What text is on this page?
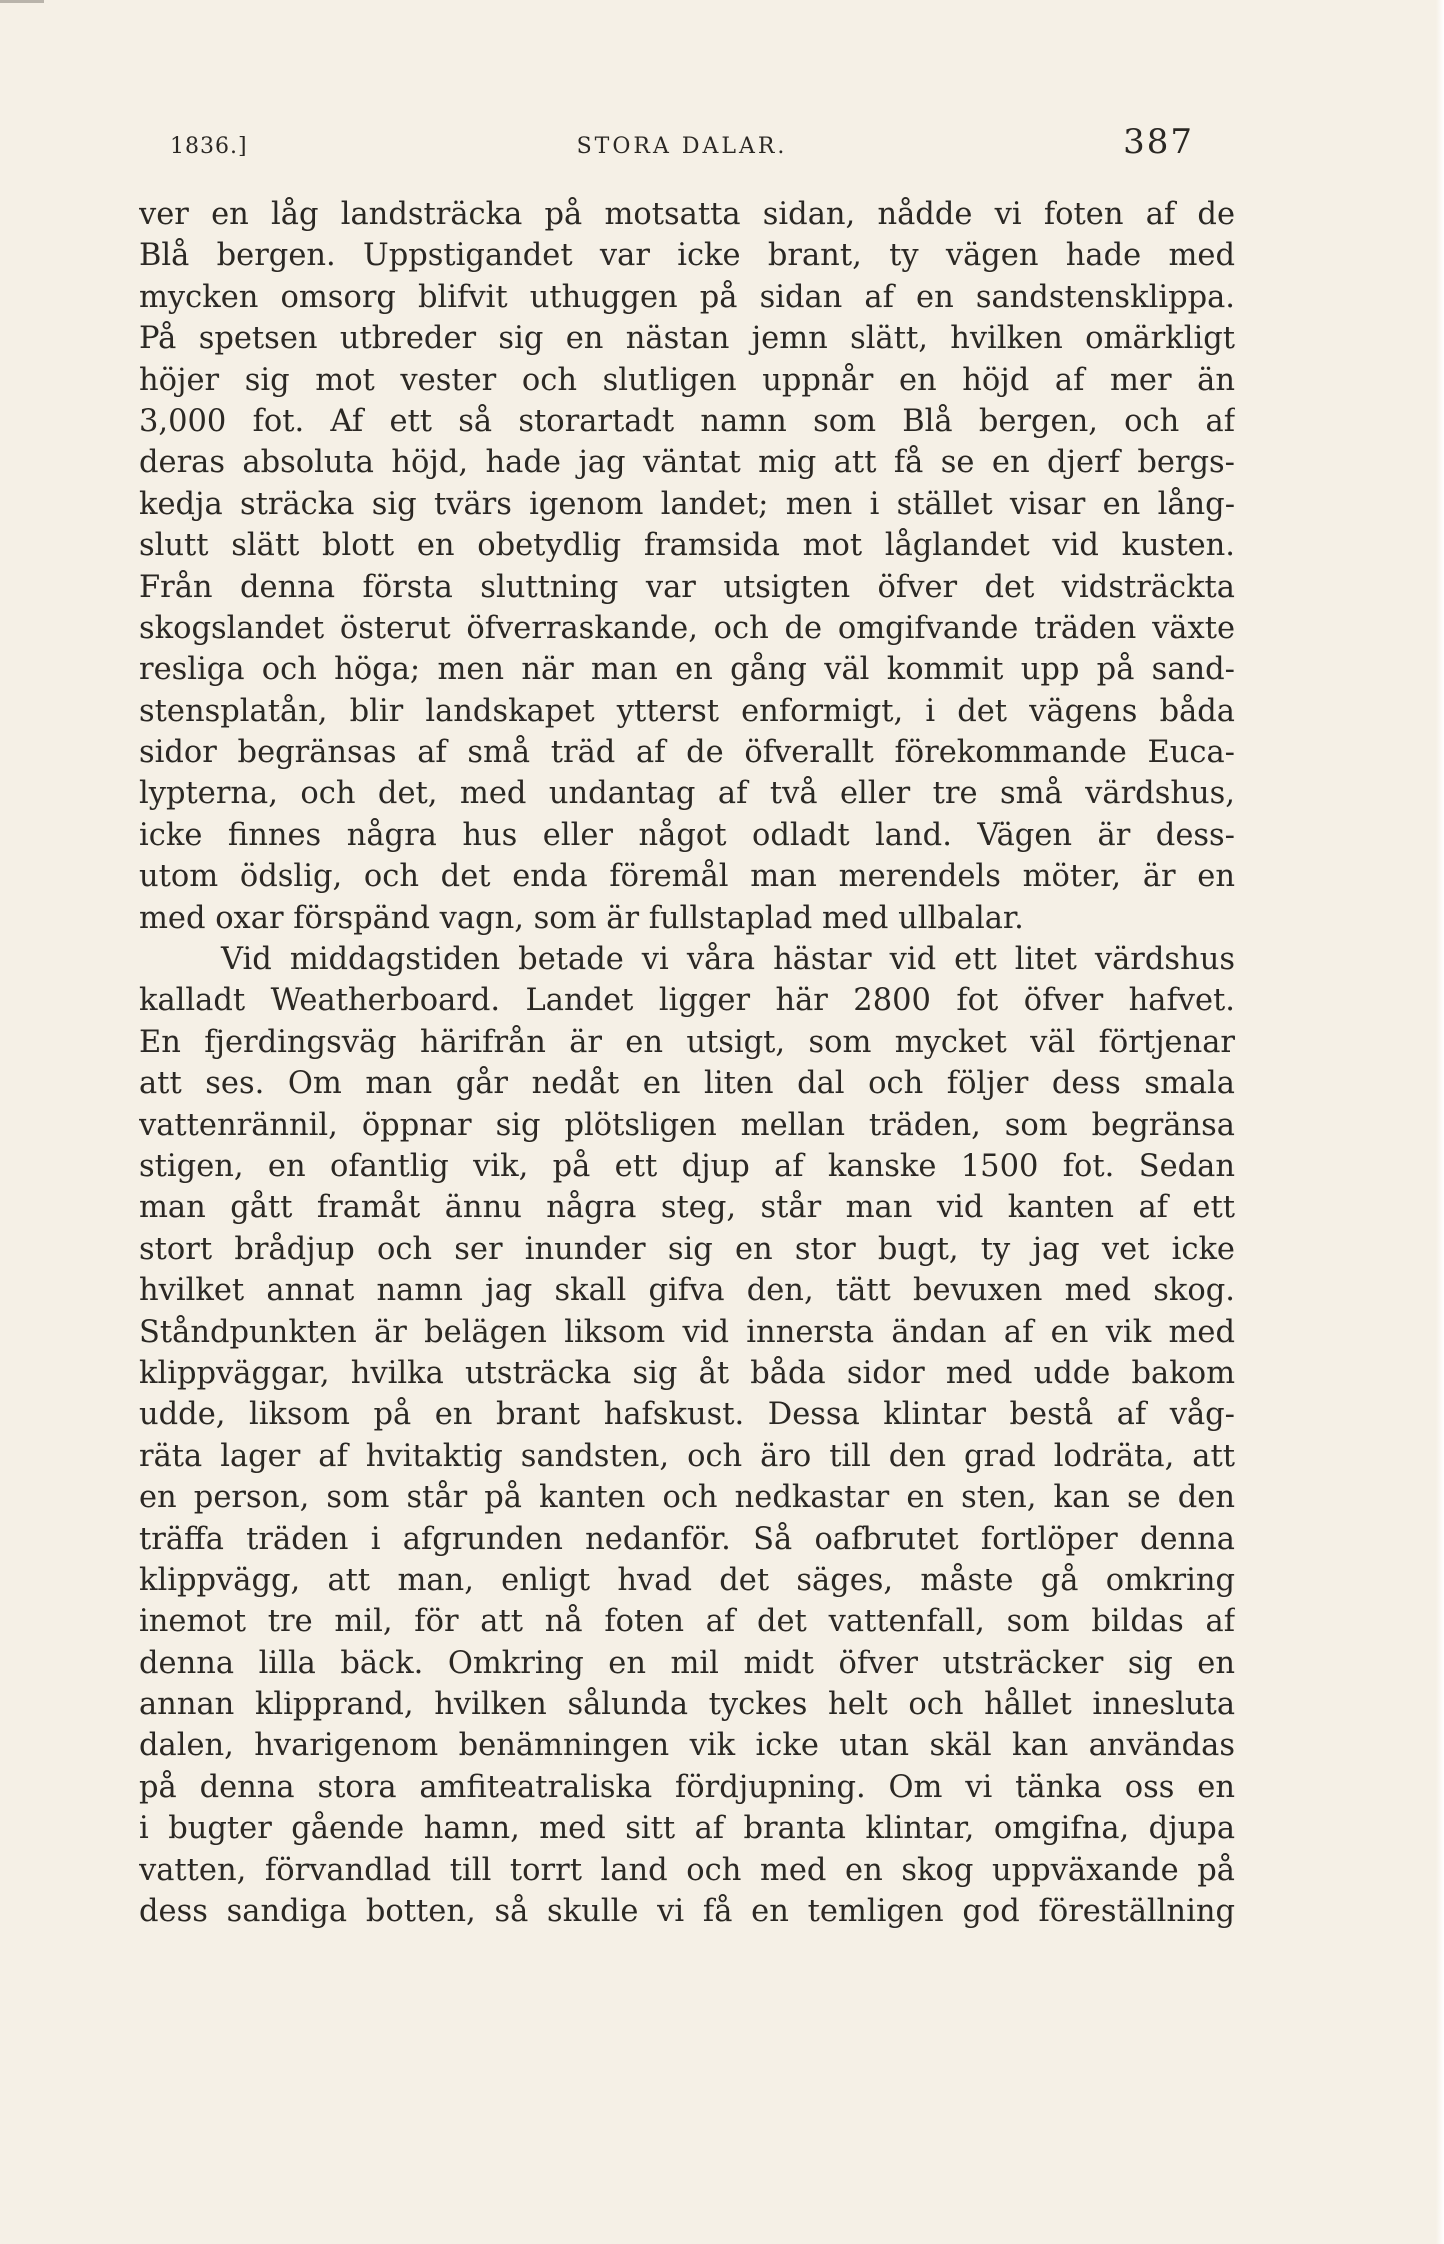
1836.]	STORA DALAR.	387
ver en låg landsträcka på motsatta sidan, nådde vi foten af de
Blå bergen. Uppstigandet var icke brant, ty vägen hade med
mycken omsorg blifvit uthuggen på sidan af en sandstensklippa.
På spetsen utbreder sig en nästan jemn slätt, hvilken omärkligt
höjer sig mot vester och slutligen uppnår en höjd af mer än
3,000 fot. Af ett så storartadt namn som Blå bergen, och af
deras absoluta höjd, hade jag väntat mig att få se en djerf bergs-
kedja sträcka sig tvärs igenom landet; men i stället visar en lång-
slutt slätt blott en obetydlig framsida mot låglandet vid kusten.
Från denna första sluttning var utsigten öfver det vidsträckta
skogslandet österut öfverraskande, och de omgifvande träden växte
resliga och höga; men när man en gång väl kommit upp på sand-
stensplatån, blir landskapet ytterst enformigt, i det vägens båda
sidor begränsas af små träd af de öfverallt förekommande Euca-
lypterna, och det, med undantag af två eller tre små värdshus,
icke finnes några hus eller något odladt land. Vägen är dess-
utom ödslig, och det enda föremål man merendels möter, är en
med oxar förspänd vagn, som är fullstaplad med ullbalar.
Vid middagstiden betade vi våra hästar vid ett litet värdshus
kalladt Weatherboard. Landet ligger här 2800 fot öfver hafvet.
En fjerdingsväg härifrån är en utsigt, som mycket väl förtjenar
att ses. Om man går nedåt en liten dal och följer dess smala
vattenrännil, öppnar sig plötsligen mellan träden, som begränsa
stigen, en ofantlig vik, på ett djup af kanske 1500 fot. Sedan
man gått framåt ännu några steg, står man vid kanten af ett
stort brådjup och ser inunder sig en stor bugt, ty jag vet icke
hvilket annat namn jag skall gifva den, tätt bevuxen med skog.
Ståndpunkten är belägen liksom vid innersta ändan af en vik med
klippväggar, hvilka utsträcka sig åt båda sidor med udde bakom
udde, liksom på en brant hafskust. Dessa klintar bestå af våg-
räta lager af hvitaktig sandsten, och äro till den grad lodräta, att
en person, som står på kanten och nedkastar en sten, kan se den
träffa träden i afgrunden nedanför. Så oafbrutet fortlöper denna
klippvägg, att man, enligt hvad det säges, måste gå omkring
inemot tre mil, för att nå foten af det vattenfall, som bildas af
denna lilla bäck. Omkring en mil midt öfver utsträcker sig en
annan klipprand, hvilken sålunda tyckes helt och hållet innesluta
dalen, hvarigenom benämningen vik icke utan skäl kan användas
på denna stora amfiteatraliska fördjupning. Om vi tänka oss en
i bugter gående hamn, med sitt af branta klintar, omgifna, djupa
vatten, förvandlad till torrt land och med en skog uppväxande på
dess sandiga botten, så skulle vi få en temligen god föreställning
